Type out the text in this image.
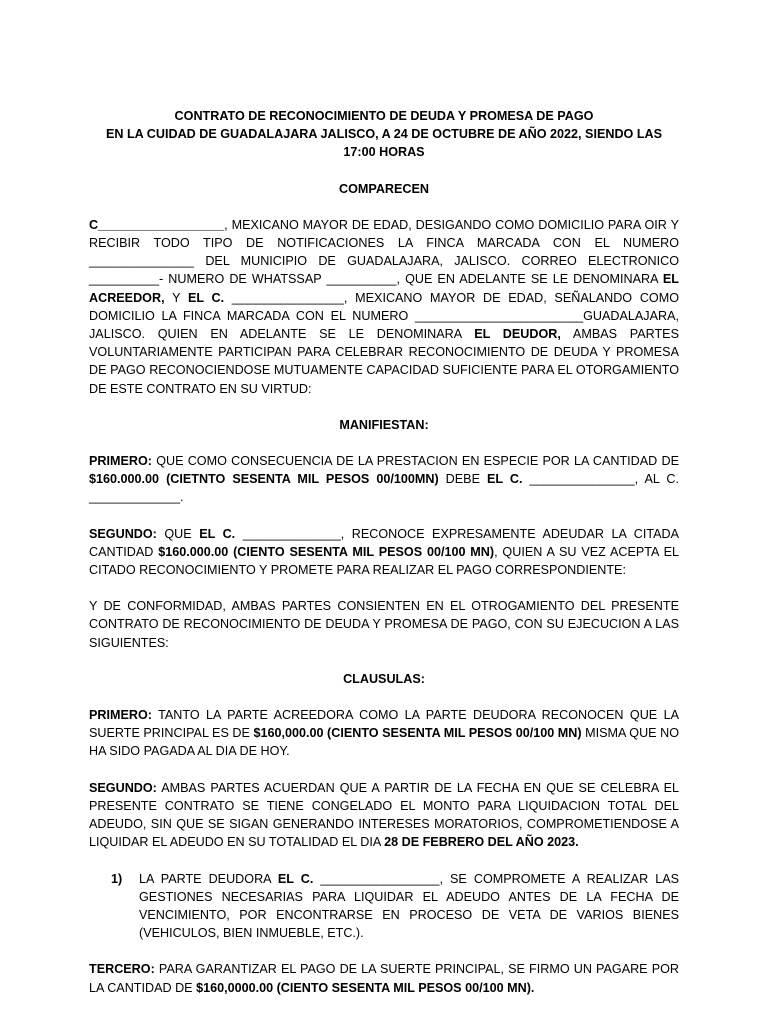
CONTRATO DE RECONOCIMIENTO DE DEUDA Y PROMESA DE PAGO
EN LA CUIDAD DE GUADALAJARA JALISCO, A 24 DE OCTUBRE DE AÑO 2022, SIENDO LAS 17:00 HORAS
COMPARECEN

C__________________, MEXICANO MAYOR DE EDAD, DESIGANDO COMO DOMICILIO PARA OIR Y RECIBIR TODO TIPO DE NOTIFICACIONES LA FINCA MARCADA CON EL NUMERO _______________ DEL MUNICIPIO DE GUADALAJARA, JALISCO. CORREO ELECTRONICO __________- NUMERO DE WHATSSAP __________, QUE EN ADELANTE SE LE DENOMINARA EL ACREEDOR, Y EL C. ________________, MEXICANO MAYOR DE EDAD, SEÑALANDO COMO DOMICILIO LA FINCA MARCADA CON EL NUMERO ________________________GUADALAJARA, JALISCO. QUIEN EN ADELANTE SE LE DENOMINARA EL DEUDOR, AMBAS PARTES VOLUNTARIAMENTE PARTICIPAN PARA CELEBRAR RECONOCIMIENTO DE DEUDA Y PROMESA DE PAGO RECONOCIENDOSE MUTUAMENTE CAPACIDAD SUFICIENTE PARA EL OTORGAMIENTO DE ESTE CONTRATO EN SU VIRTUD:

MANIFIESTAN:

PRIMERO: QUE COMO CONSECUENCIA DE LA PRESTACION EN ESPECIE POR LA CANTIDAD DE $160.000.00 (CIETNTO SESENTA MIL PESOS 00/100MN) DEBE EL C. _______________, AL C. _____________.

SEGUNDO: QUE EL C. ______________, RECONOCE EXPRESAMENTE ADEUDAR LA CITADA CANTIDAD $160.000.00 (CIENTO SESENTA MIL PESOS 00/100 MN), QUIEN A SU VEZ ACEPTA EL CITADO RECONOCIMIENTO Y PROMETE PARA REALIZAR EL PAGO CORRESPONDIENTE:

Y DE CONFORMIDAD, AMBAS PARTES CONSIENTEN EN EL OTROGAMIENTO DEL PRESENTE CONTRATO DE RECONOCIMIENTO DE DEUDA Y PROMESA DE PAGO, CON SU EJECUCION A LAS SIGUIENTES:

CLAUSULAS:

PRIMERO: TANTO LA PARTE ACREEDORA COMO LA PARTE DEUDORA RECONOCEN QUE LA SUERTE PRINCIPAL ES DE $160,000.00 (CIENTO SESENTA MIL PESOS 00/100 MN) MISMA QUE NO HA SIDO PAGADA AL DIA DE HOY.

SEGUNDO: AMBAS PARTES ACUERDAN QUE A PARTIR DE LA FECHA EN QUE SE CELEBRA EL PRESENTE CONTRATO SE TIENE CONGELADO EL MONTO PARA LIQUIDACION TOTAL DEL ADEUDO, SIN QUE SE SIGAN GENERANDO INTERESES MORATORIOS, COMPROMETIENDOSE A LIQUIDAR EL ADEUDO EN SU TOTALIDAD EL DIA 28 DE FEBRERO DEL AÑO 2023.

1) LA PARTE DEUDORA EL C. _________________, SE COMPROMETE A REALIZAR LAS GESTIONES NECESARIAS PARA LIQUIDAR EL ADEUDO ANTES DE LA FECHA DE VENCIMIENTO, POR ENCONTRARSE EN PROCESO DE VETA DE VARIOS BIENES (VEHICULOS, BIEN INMUEBLE, ETC.).

TERCERO: PARA GARANTIZAR EL PAGO DE LA SUERTE PRINCIPAL, SE FIRMO UN PAGARE POR LA CANTIDAD DE $160,0000.00 (CIENTO SESENTA MIL PESOS 00/100 MN).
